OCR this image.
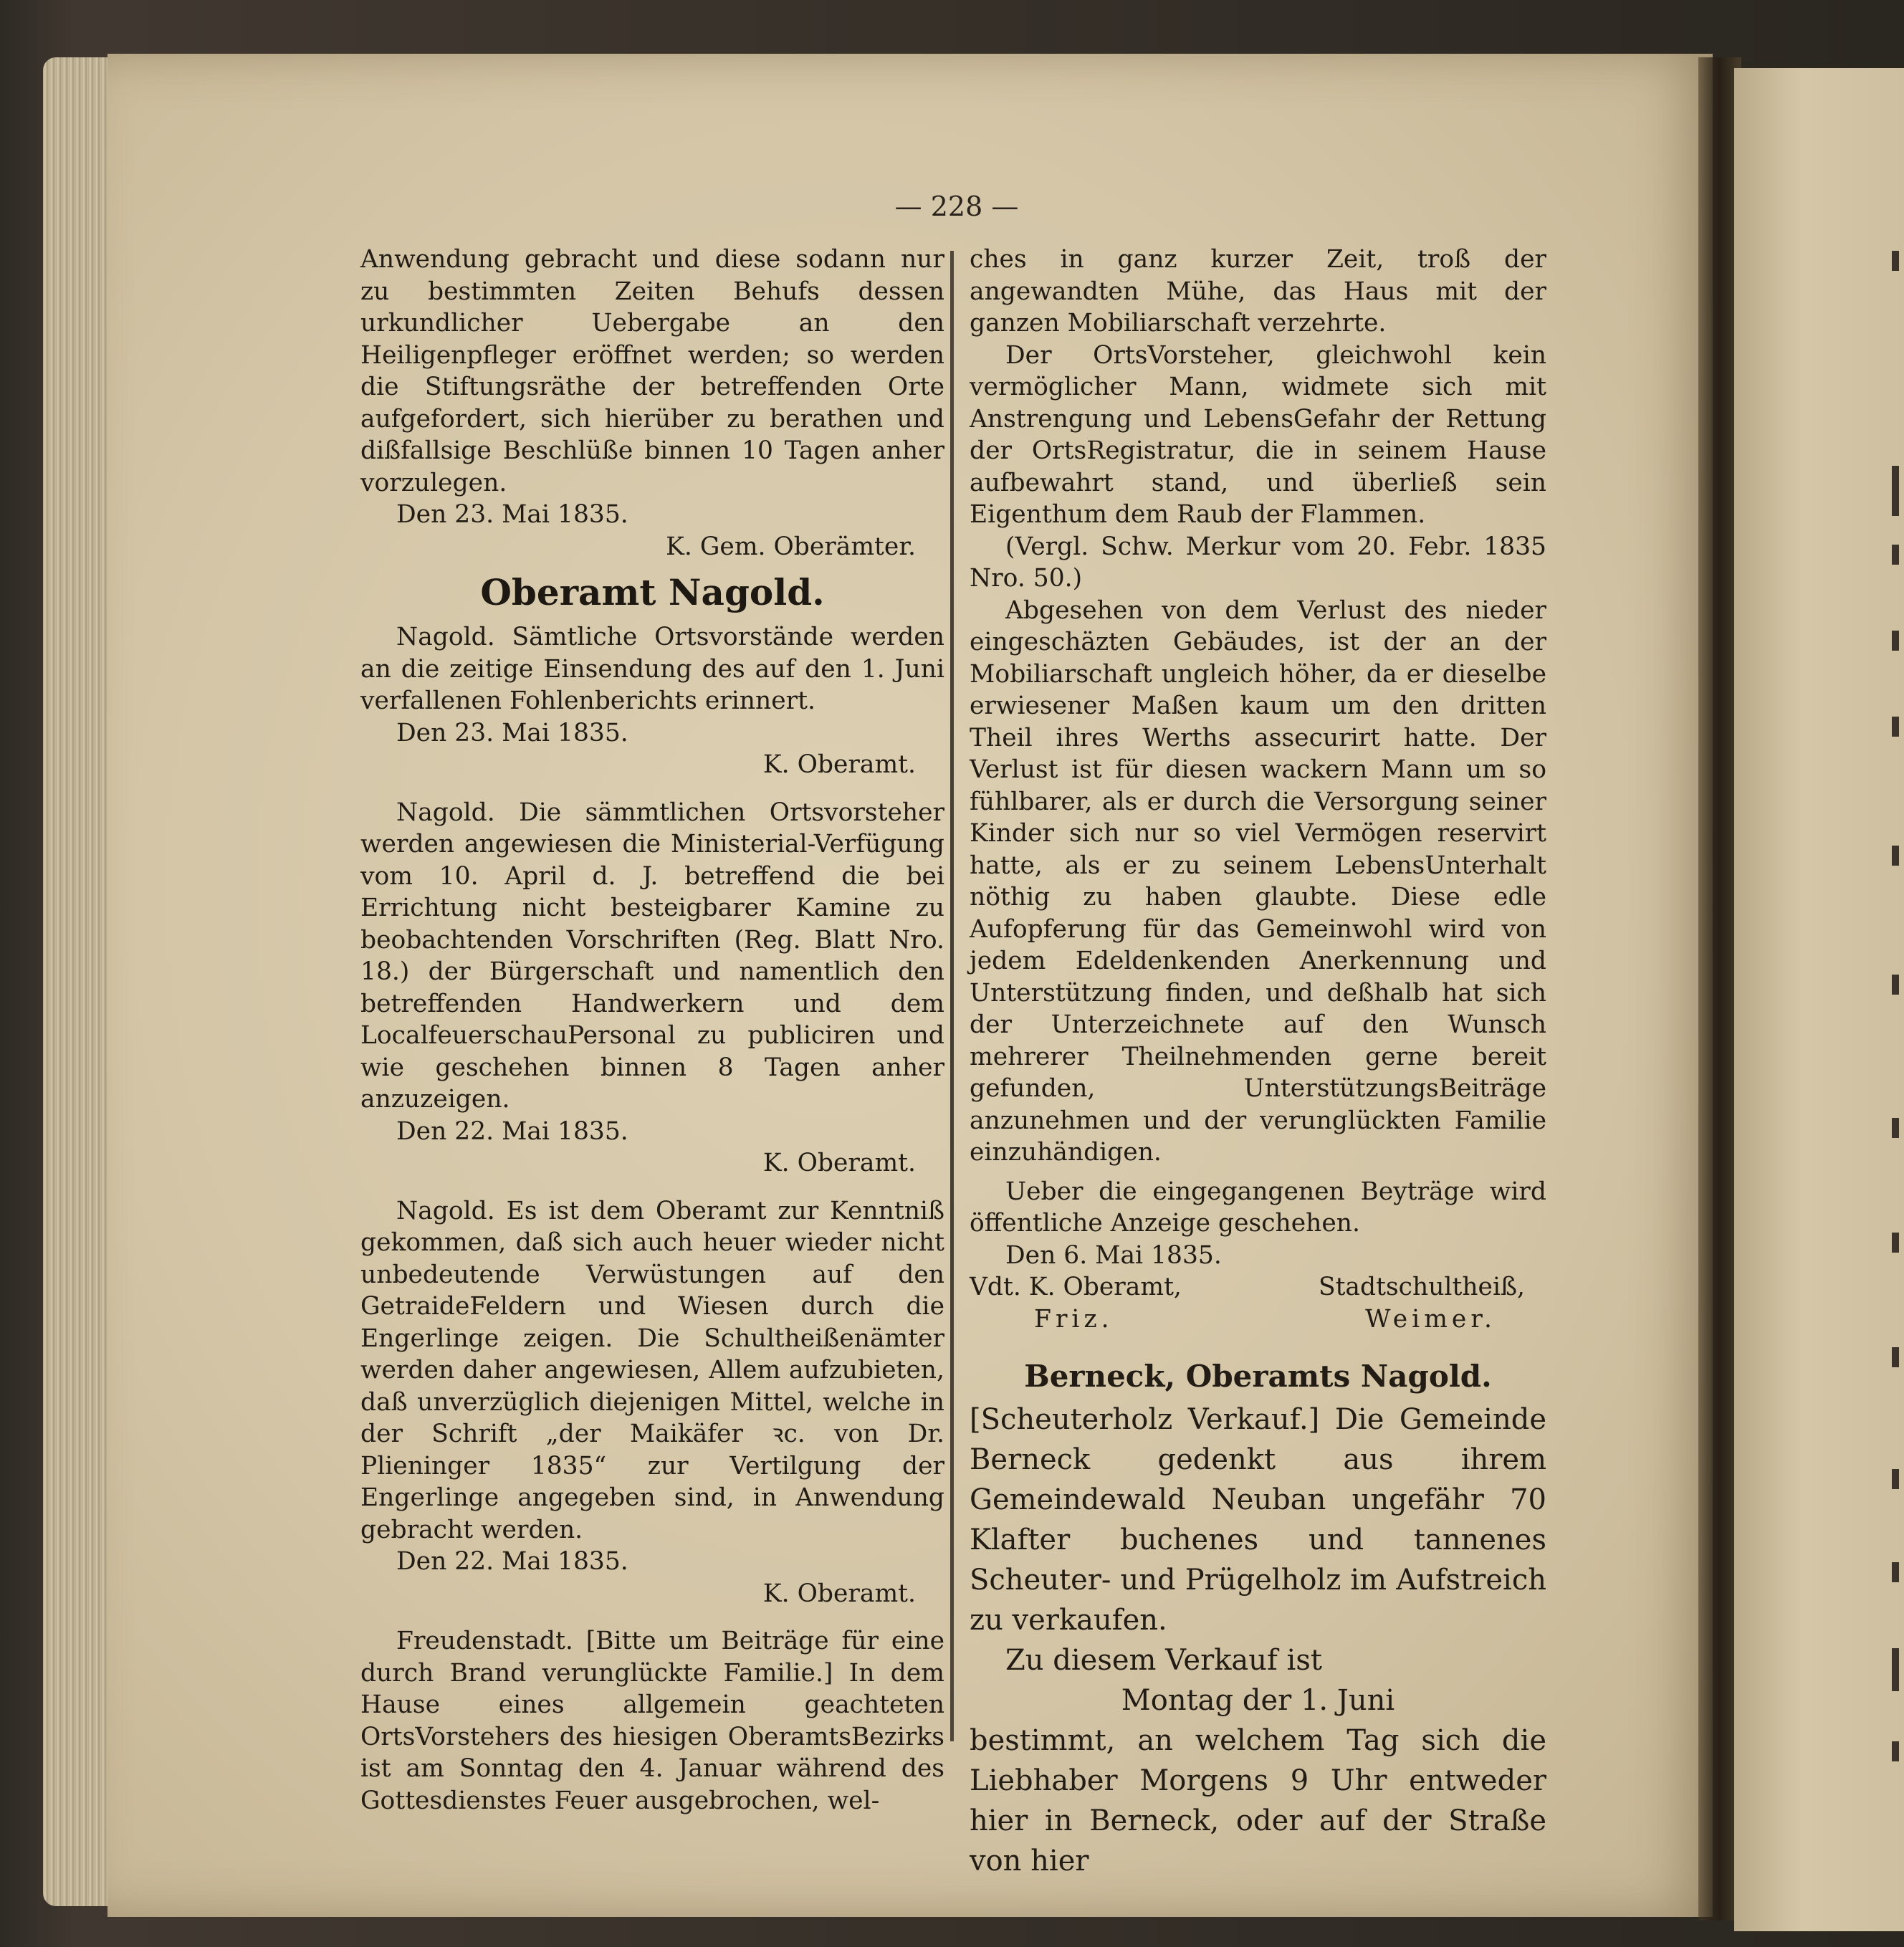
— 228 —

Anwendung gebracht und diese sodann nur zu bestimmten Zeiten Behufs dessen urkundlicher Uebergabe an den Heiligenpfleger eröffnet werden; so werden die Stiftungsräthe der betreffenden Orte aufgefordert, sich hierüber zu berathen und dißfallsige Beschlüße binnen 10 Tagen anher vorzulegen.

Den 23. Mai 1835.

K. Gem. Oberämter.

Oberamt Nagold.

Nagold. Sämtliche Ortsvorstände werden an die zeitige Einsendung des auf den 1. Juni verfallenen Fohlenberichts erinnert.

Den 23. Mai 1835.

K. Oberamt.

Nagold. Die sämmtlichen Ortsvorsteher werden angewiesen die Ministerial-Verfügung vom 10. April d. J. betreffend die bei Errichtung nicht besteigbarer Kamine zu beobachtenden Vorschriften (Reg. Blatt Nro. 18.) der Bürgerschaft und namentlich den betreffenden Handwerkern und dem LocalfeuerschauPersonal zu publiciren und wie geschehen binnen 8 Tagen anher anzuzeigen.

Den 22. Mai 1835.

K. Oberamt.

Nagold. Es ist dem Oberamt zur Kenntniß gekommen, daß sich auch heuer wieder nicht unbedeutende Verwüstungen auf den GetraideFeldern und Wiesen durch die Engerlinge zeigen. Die Schultheißenämter werden daher angewiesen, Allem aufzubieten, daß unverzüglich diejenigen Mittel, welche in der Schrift „der Maikäfer ꝛc. von Dr. Plieninger 1835“ zur Vertilgung der Engerlinge angegeben sind, in Anwendung gebracht werden.

Den 22. Mai 1835.

K. Oberamt.

Freudenstadt. [Bitte um Beiträge für eine durch Brand verunglückte Familie.] In dem Hause eines allgemein geachteten OrtsVorstehers des hiesigen OberamtsBezirks ist am Sonntag den 4. Januar während des Gottesdienstes Feuer ausgebrochen, wel-

ches in ganz kurzer Zeit, troß der angewandten Mühe, das Haus mit der ganzen Mobiliarschaft verzehrte.

Der OrtsVorsteher, gleichwohl kein vermöglicher Mann, widmete sich mit Anstrengung und LebensGefahr der Rettung der OrtsRegistratur, die in seinem Hause aufbewahrt stand, und überließ sein Eigenthum dem Raub der Flammen.

(Vergl. Schw. Merkur vom 20. Febr. 1835 Nro. 50.)

Abgesehen von dem Verlust des nieder eingeschäzten Gebäudes, ist der an der Mobiliarschaft ungleich höher, da er dieselbe erwiesener Maßen kaum um den dritten Theil ihres Werths assecurirt hatte. Der Verlust ist für diesen wackern Mann um so fühlbarer, als er durch die Versorgung seiner Kinder sich nur so viel Vermögen reservirt hatte, als er zu seinem LebensUnterhalt nöthig zu haben glaubte. Diese edle Aufopferung für das Gemeinwohl wird von jedem Edeldenkenden Anerkennung und Unterstützung finden, und deßhalb hat sich der Unterzeichnete auf den Wunsch mehrerer Theilnehmenden gerne bereit gefunden, UnterstützungsBeiträge anzunehmen und der verunglückten Familie einzuhändigen.

Ueber die eingegangenen Beyträge wird öffentliche Anzeige geschehen.

Den 6. Mai 1835.

Vdt. K. Oberamt,	Stadtschultheiß,
Friz.	Weimer.

Berneck, Oberamts Nagold.

[Scheuterholz Verkauf.] Die Gemeinde Berneck gedenkt aus ihrem Gemeindewald Neuban ungefähr 70 Klafter buchenes und tannenes Scheuter- und Prügelholz im Aufstreich zu verkaufen.

Zu diesem Verkauf ist

Montag der 1. Juni

bestimmt, an welchem Tag sich die Liebhaber Morgens 9 Uhr entweder hier in Berneck, oder auf der Straße von hier
